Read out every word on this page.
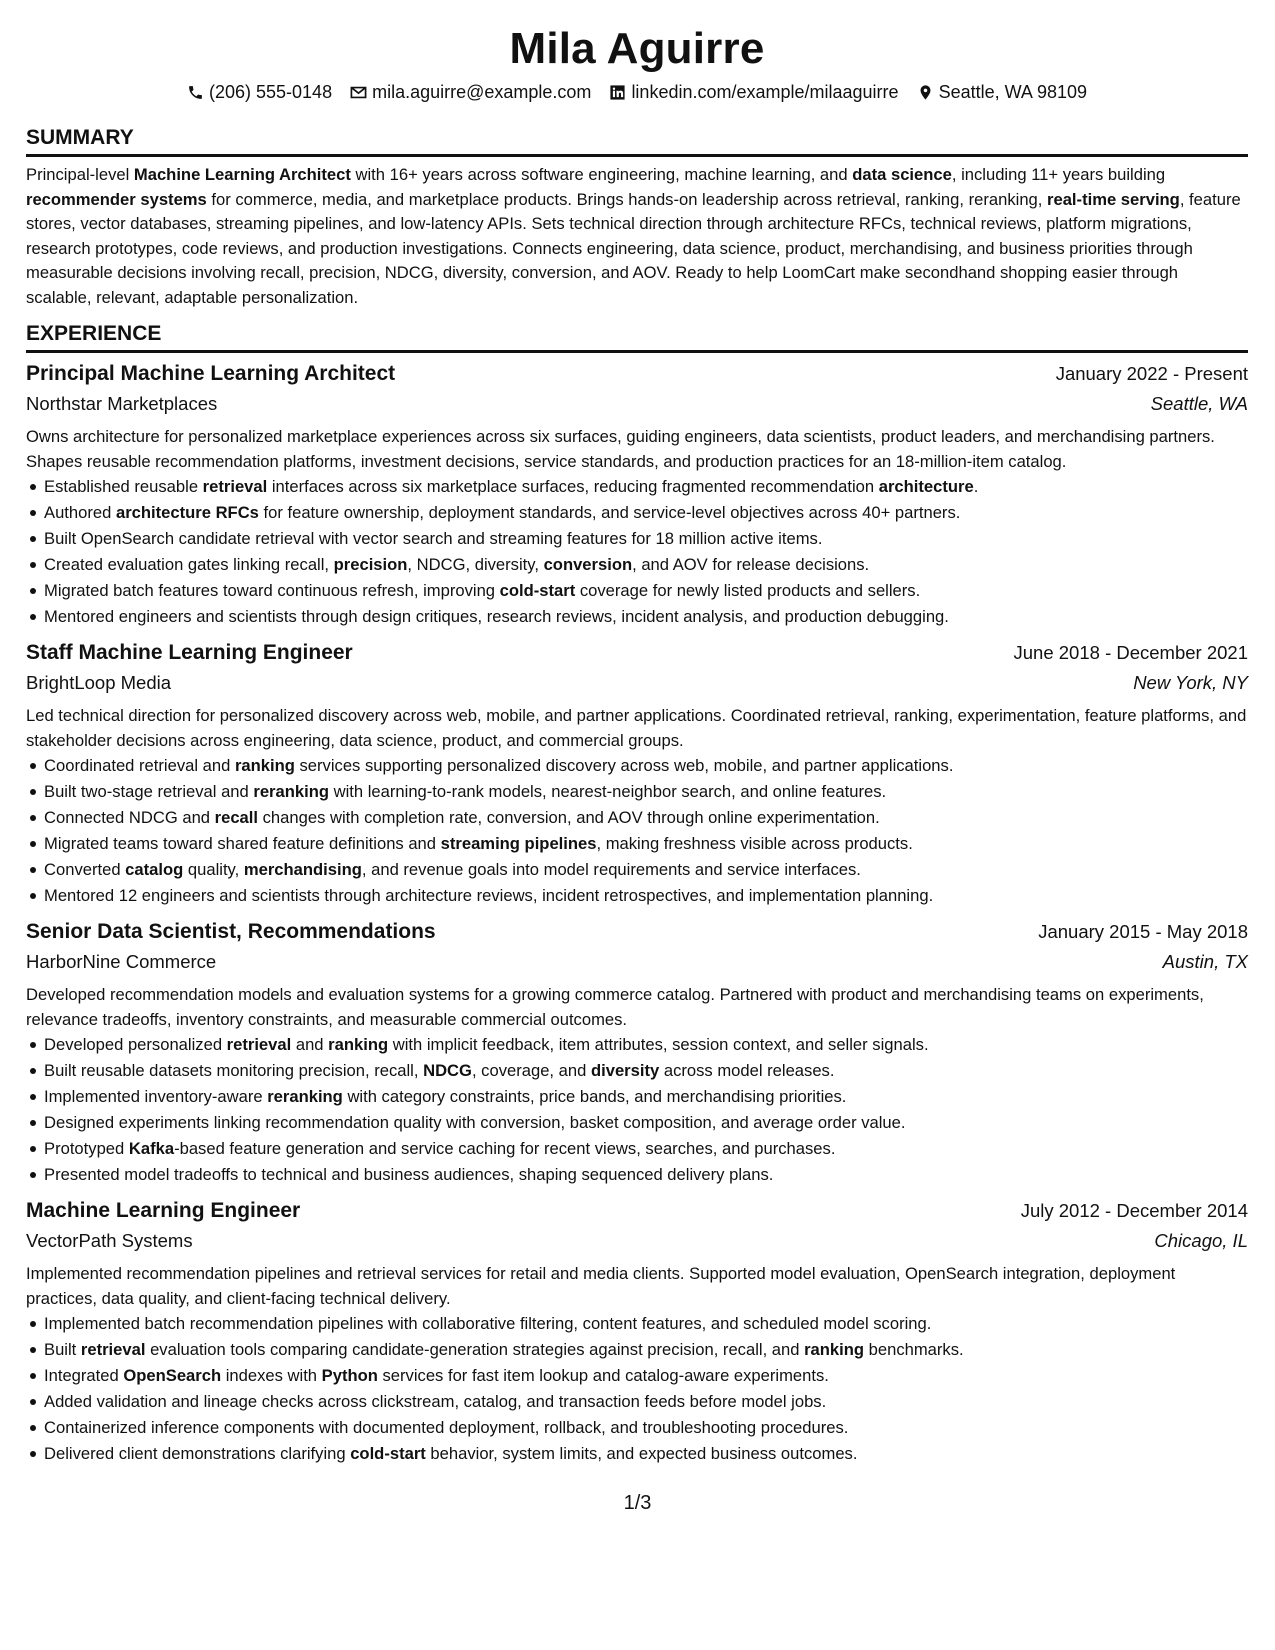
Mila Aguirre
(206) 555-0148 mila.aguirre@example.com linkedin.com/example/milaaguirre Seattle, WA 98109
SUMMARY

Principal-level Machine Learning Architect with 16+ years across software engineering, machine learning, and data science, including 11+ years building recommender systems for commerce, media, and marketplace products. Brings hands-on leadership across retrieval, ranking, reranking, real-time serving, feature stores, vector databases, streaming pipelines, and low-latency APIs. Sets technical direction through architecture RFCs, technical reviews, platform migrations, research prototypes, code reviews, and production investigations. Connects engineering, data science, product, merchandising, and business priorities through measurable decisions involving recall, precision, NDCG, diversity, conversion, and AOV. Ready to help LoomCart make secondhand shopping easier through scalable, relevant, adaptable personalization.

EXPERIENCE
Principal Machine Learning Architect	January 2022 - Present
Northstar Marketplaces	Seattle, WA

Owns architecture for personalized marketplace experiences across six surfaces, guiding engineers, data scientists, product leaders, and merchandising partners. Shapes reusable recommendation platforms, investment decisions, service standards, and production practices for an 18-million-item catalog.

Established reusable retrieval interfaces across six marketplace surfaces, reducing fragmented recommendation architecture.
Authored architecture RFCs for feature ownership, deployment standards, and service-level objectives across 40+ partners.
Built OpenSearch candidate retrieval with vector search and streaming features for 18 million active items.
Created evaluation gates linking recall, precision, NDCG, diversity, conversion, and AOV for release decisions.
Migrated batch features toward continuous refresh, improving cold-start coverage for newly listed products and sellers.
Mentored engineers and scientists through design critiques, research reviews, incident analysis, and production debugging.
Staff Machine Learning Engineer	June 2018 - December 2021
BrightLoop Media	New York, NY

Led technical direction for personalized discovery across web, mobile, and partner applications. Coordinated retrieval, ranking, experimentation, feature platforms, and stakeholder decisions across engineering, data science, product, and commercial groups.

Coordinated retrieval and ranking services supporting personalized discovery across web, mobile, and partner applications.
Built two-stage retrieval and reranking with learning-to-rank models, nearest-neighbor search, and online features.
Connected NDCG and recall changes with completion rate, conversion, and AOV through online experimentation.
Migrated teams toward shared feature definitions and streaming pipelines, making freshness visible across products.
Converted catalog quality, merchandising, and revenue goals into model requirements and service interfaces.
Mentored 12 engineers and scientists through architecture reviews, incident retrospectives, and implementation planning.
Senior Data Scientist, Recommendations	January 2015 - May 2018
HarborNine Commerce	Austin, TX

Developed recommendation models and evaluation systems for a growing commerce catalog. Partnered with product and merchandising teams on experiments, relevance tradeoffs, inventory constraints, and measurable commercial outcomes.

Developed personalized retrieval and ranking with implicit feedback, item attributes, session context, and seller signals.
Built reusable datasets monitoring precision, recall, NDCG, coverage, and diversity across model releases.
Implemented inventory-aware reranking with category constraints, price bands, and merchandising priorities.
Designed experiments linking recommendation quality with conversion, basket composition, and average order value.
Prototyped Kafka-based feature generation and service caching for recent views, searches, and purchases.
Presented model tradeoffs to technical and business audiences, shaping sequenced delivery plans.
Machine Learning Engineer	July 2012 - December 2014
VectorPath Systems	Chicago, IL

Implemented recommendation pipelines and retrieval services for retail and media clients. Supported model evaluation, OpenSearch integration, deployment practices, data quality, and client-facing technical delivery.

Implemented batch recommendation pipelines with collaborative filtering, content features, and scheduled model scoring.
Built retrieval evaluation tools comparing candidate-generation strategies against precision, recall, and ranking benchmarks.
Integrated OpenSearch indexes with Python services for fast item lookup and catalog-aware experiments.
Added validation and lineage checks across clickstream, catalog, and transaction feeds before model jobs.
Containerized inference components with documented deployment, rollback, and troubleshooting procedures.
Delivered client demonstrations clarifying cold-start behavior, system limits, and expected business outcomes.
1/3
